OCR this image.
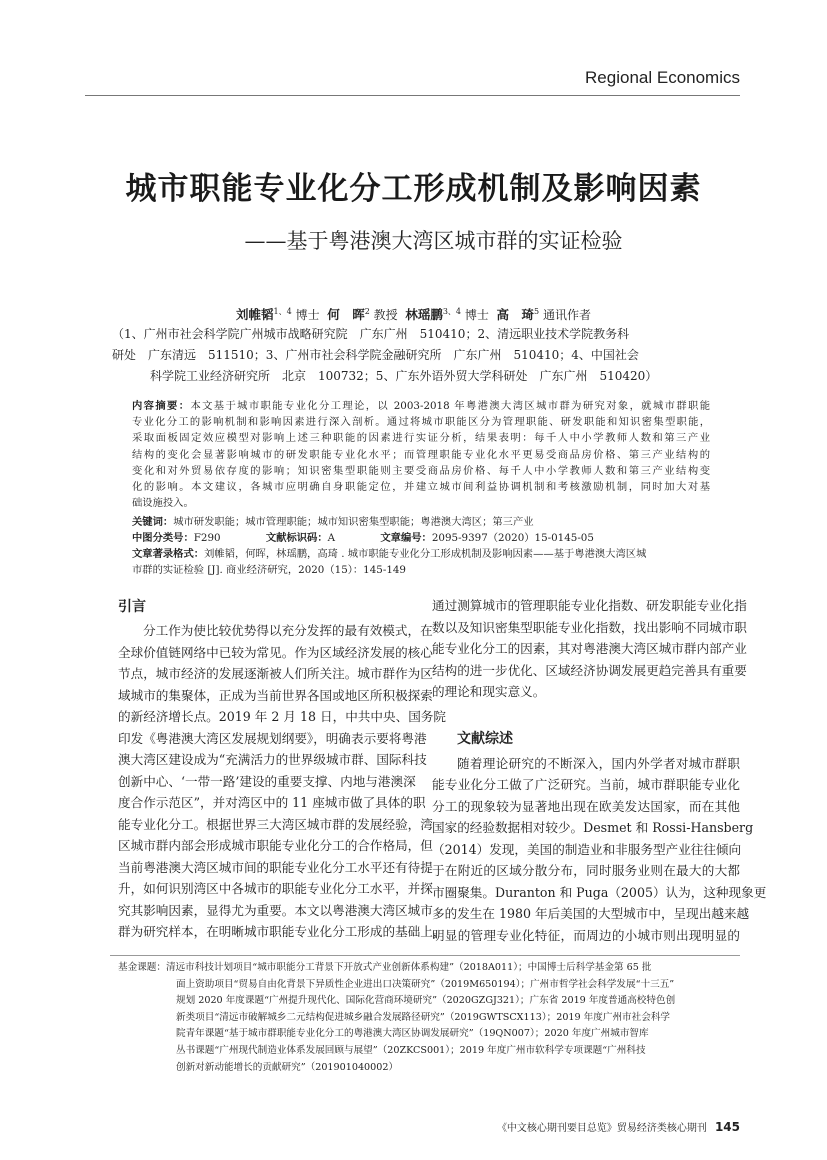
Regional Economics
城市职能专业化分工形成机制及影响因素
——基于粤港澳大湾区城市群的实证检验
刘帷韬$^{1、4}$ 博士 何　晖$^2$ 教授 林瑶鹏$^{3、4}$ 博士 高　琦$^5$ 通讯作者
（1、广州市社会科学院广州城市战略研究院　广东广州　510410；2、清远职业技术学院教务科
研处　广东清远　511510；3、广州市社会科学院金融研究所　广东广州　510410；4、中国社会
科学院工业经济研究所　北京　100732；5、广东外语外贸大学科研处　广东广州　510420）
内容摘要：本文基于城市职能专业化分工理论，以 2003-2018 年粤港澳大湾区城市群为研究对象，就城市群职能
专业化分工的影响机制和影响因素进行深入剖析。通过将城市职能区分为管理职能、研发职能和知识密集型职能，
采取面板固定效应模型对影响上述三种职能的因素进行实证分析，结果表明：每千人中小学教师人数和第三产业
结构的变化会显著影响城市的研发职能专业化水平；而管理职能专业化水平更易受商品房价格、第三产业结构的
变化和对外贸易依存度的影响；知识密集型职能则主要受商品房价格、每千人中小学教师人数和第三产业结构变
化的影响。本文建议，各城市应明确自身职能定位，并建立城市间利益协调机制和考核激励机制，同时加大对基
础设施投入。
关键词：城市研发职能；城市管理职能；城市知识密集型职能；粤港澳大湾区；第三产业
中图分类号：F290	文献标识码：A	文章编号：2095-9397（2020）15-0145-05
文章著录格式：刘帷韬，何晖，林瑶鹏，高琦 . 城市职能专业化分工形成机制及影响因素——基于粤港澳大湾区城
市群的实证检验 [J]. 商业经济研究，2020（15）：145-149
引言
分工作为使比较优势得以充分发挥的最有效模式，在
全球价值链网络中已较为常见。作为区域经济发展的核心
节点，城市经济的发展逐渐被人们所关注。城市群作为区
域城市的集聚体，正成为当前世界各国或地区所积极探索
的新经济增长点。2019 年 2 月 18 日，中共中央、国务院
印发《粤港澳大湾区发展规划纲要》，明确表示要将粤港
澳大湾区建设成为“充满活力的世界级城市群、国际科技
创新中心、‘一带一路’建设的重要支撑、内地与港澳深
度合作示范区”，并对湾区中的 11 座城市做了具体的职
能专业化分工。根据世界三大湾区城市群的发展经验，湾
区城市群内部会形成城市职能专业化分工的合作格局，但
当前粤港澳大湾区城市间的职能专业化分工水平还有待提
升，如何识别湾区中各城市的职能专业化分工水平，并探
究其影响因素，显得尤为重要。本文以粤港澳大湾区城市
群为研究样本，在明晰城市职能专业化分工形成的基础上，
通过测算城市的管理职能专业化指数、研发职能专业化指
数以及知识密集型职能专业化指数，找出影响不同城市职
能专业化分工的因素，其对粤港澳大湾区城市群内部产业
结构的进一步优化、区域经济协调发展更趋完善具有重要
的理论和现实意义。
文献综述
随着理论研究的不断深入，国内外学者对城市群职
能专业化分工做了广泛研究。当前，城市群职能专业化
分工的现象较为显著地出现在欧美发达国家，而在其他
国家的经验数据相对较少。Desmet 和 Rossi-Hansberg
（2014）发现，美国的制造业和非服务型产业往往倾向
于在附近的区域分散分布，同时服务业则在最大的大都
市圈聚集。Duranton 和 Puga（2005）认为，这种现象更
多的发生在 1980 年后美国的大型城市中，呈现出越来越
明显的管理专业化特征，而周边的小城市则出现明显的
基金课题：清远市科技计划项目“城市职能分工背景下开放式产业创新体系构建”（2018A011）；中国博士后科学基金第 65 批
面上资助项目“贸易自由化背景下异质性企业进出口决策研究”（2019M650194）；广州市哲学社会科学发展“十三五”
规划 2020 年度课题“广州提升现代化、国际化营商环境研究”（2020GZGJ321）；广东省 2019 年度普通高校特色创
新类项目“清远市破解城乡二元结构促进城乡融合发展路径研究”（2019GWTSCX113）；2019 年度广州市社会科学
院青年课题“基于城市群职能专业化分工的粤港澳大湾区协调发展研究”（19QN007）；2020 年度广州城市智库
丛书课题“广州现代制造业体系发展回顾与展望”（20ZKCS001）；2019 年度广州市软科学专项课题“广州科技
创新对新动能增长的贡献研究”（201901040002）
《中文核心期刊要目总览》贸易经济类核心期刊 145
